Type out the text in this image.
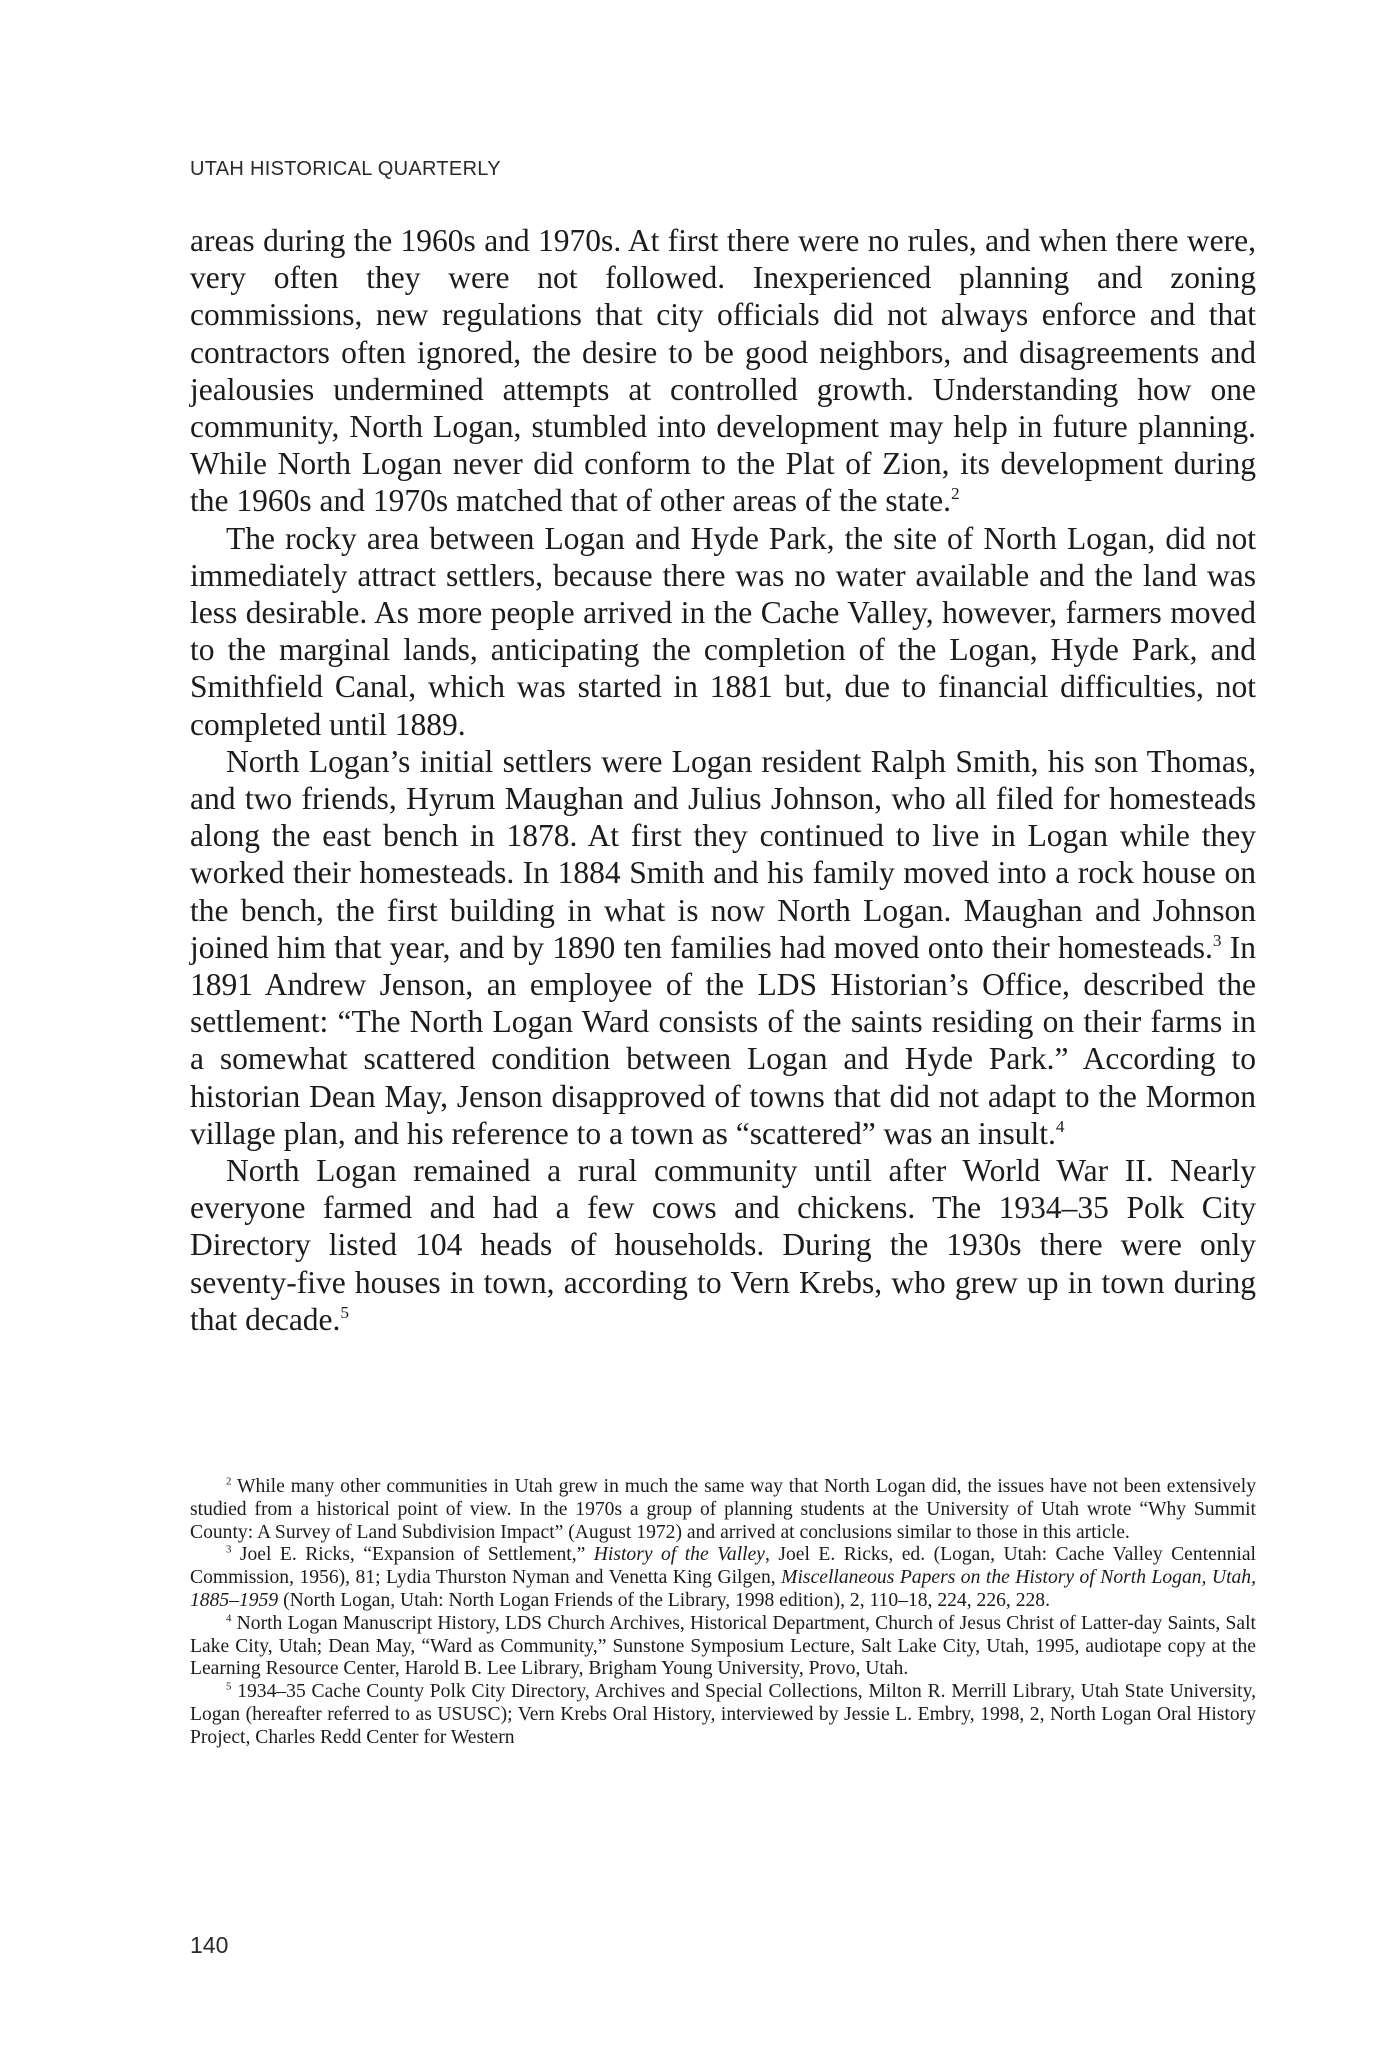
UTAH HISTORICAL QUARTERLY

areas during the 1960s and 1970s. At first there were no rules, and when there were, very often they were not followed. Inexperienced planning and zoning commissions, new regulations that city officials did not always enforce and that contractors often ignored, the desire to be good neighbors, and disagreements and jealousies undermined attempts at controlled growth. Understanding how one community, North Logan, stumbled into development may help in future planning. While North Logan never did conform to the Plat of Zion, its development during the 1960s and 1970s matched that of other areas of the state.$^2$

The rocky area between Logan and Hyde Park, the site of North Logan, did not immediately attract settlers, because there was no water available and the land was less desirable. As more people arrived in the Cache Valley, however, farmers moved to the marginal lands, anticipating the completion of the Logan, Hyde Park, and Smithfield Canal, which was started in 1881 but, due to financial difficulties, not completed until 1889.

North Logan’s initial settlers were Logan resident Ralph Smith, his son Thomas, and two friends, Hyrum Maughan and Julius Johnson, who all filed for homesteads along the east bench in 1878. At first they continued to live in Logan while they worked their homesteads. In 1884 Smith and his family moved into a rock house on the bench, the first building in what is now North Logan. Maughan and Johnson joined him that year, and by 1890 ten families had moved onto their homesteads.$^3$ In 1891 Andrew Jenson, an employee of the LDS Historian’s Office, described the settlement: “The North Logan Ward consists of the saints residing on their farms in a somewhat scattered condition between Logan and Hyde Park.” According to historian Dean May, Jenson disapproved of towns that did not adapt to the Mormon village plan, and his reference to a town as “scattered” was an insult.$^4$

North Logan remained a rural community until after World War II. Nearly everyone farmed and had a few cows and chickens. The 1934–35 Polk City Directory listed 104 heads of households. During the 1930s there were only seventy-five houses in town, according to Vern Krebs, who grew up in town during that decade.$^5$

$^2$ While many other communities in Utah grew in much the same way that North Logan did, the issues have not been extensively studied from a historical point of view. In the 1970s a group of planning students at the University of Utah wrote “Why Summit County: A Survey of Land Subdivision Impact” (August 1972) and arrived at conclusions similar to those in this article.

$^3$ Joel E. Ricks, “Expansion of Settlement,” History of the Valley, Joel E. Ricks, ed. (Logan, Utah: Cache Valley Centennial Commission, 1956), 81; Lydia Thurston Nyman and Venetta King Gilgen, Miscellaneous Papers on the History of North Logan, Utah, 1885–1959 (North Logan, Utah: North Logan Friends of the Library, 1998 edition), 2, 110–18, 224, 226, 228.

$^4$ North Logan Manuscript History, LDS Church Archives, Historical Department, Church of Jesus Christ of Latter-day Saints, Salt Lake City, Utah; Dean May, “Ward as Community,” Sunstone Symposium Lecture, Salt Lake City, Utah, 1995, audiotape copy at the Learning Resource Center, Harold B. Lee Library, Brigham Young University, Provo, Utah.

$^5$ 1934–35 Cache County Polk City Directory, Archives and Special Collections, Milton R. Merrill Library, Utah State University, Logan (hereafter referred to as USUSC); Vern Krebs Oral History, interviewed by Jessie L. Embry, 1998, 2, North Logan Oral History Project, Charles Redd Center for Western

140
